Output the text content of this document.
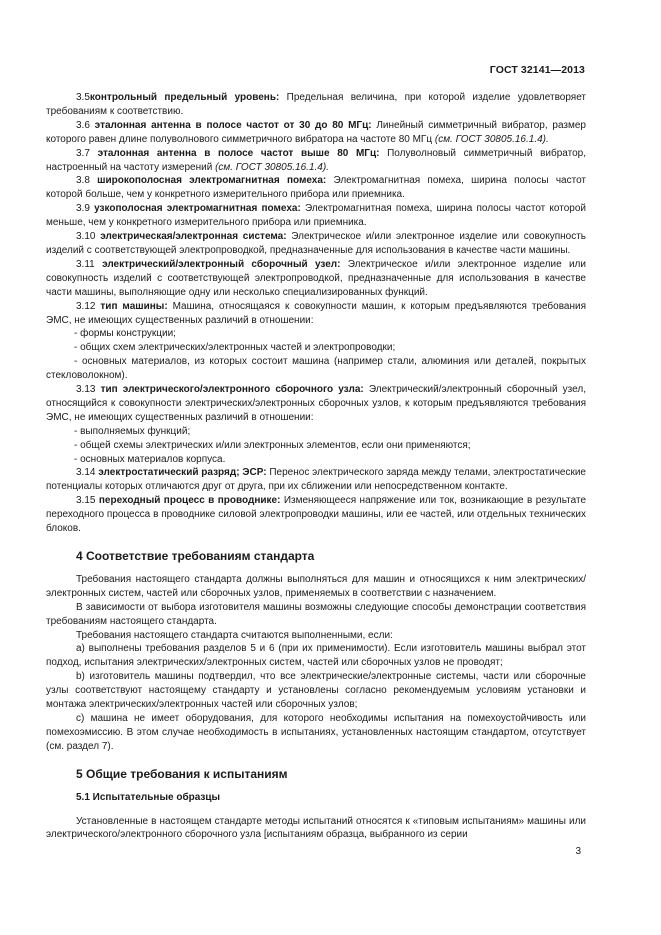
ГОСТ 32141—2013

3.5контрольный предельный уровень: Предельная величина, при которой изделие удовлетворяет требованиям к соответствию.

3.6 эталонная антенна в полосе частот от 30 до 80 МГц: Линейный симметричный вибратор, размер которого равен длине полуволнового симметричного вибратора на частоте 80 МГц (см. ГОСТ 30805.16.1.4).

3.7 эталонная антенна в полосе частот выше 80 МГц: Полуволновый симметричный вибратор, настроенный на частоту измерений (см. ГОСТ 30805.16.1.4).

3.8 широкополосная электромагнитная помеха: Электромагнитная помеха, ширина полосы частот которой больше, чем у конкретного измерительного прибора или приемника.

3.9 узкополосная электромагнитная помеха: Электромагнитная помеха, ширина полосы частот которой меньше, чем у конкретного измерительного прибора или приемника.

3.10 электрическая/электронная система: Электрическое и/или электронное изделие или совокупность изделий с соответствующей электропроводкой, предназначенные для использования в качестве части машины.

3.11 электрический/электронный сборочный узел: Электрическое и/или электронное изделие или совокупность изделий с соответствующей электропроводкой, предназначенные для использования в качестве части машины, выполняющие одну или несколько специализированных функций.

3.12 тип машины: Машина, относящаяся к совокупности машин, к которым предъявляются требования ЭМС, не имеющих существенных различий в отношении:

- формы конструкции;

- общих схем электрических/электронных частей и электропроводки;

- основных материалов, из которых состоит машина (например стали, алюминия или деталей, покрытых стекловолокном).

3.13 тип электрического/электронного сборочного узла: Электрический/электронный сборочный узел, относящийся к совокупности электрических/электронных сборочных узлов, к которым предъявляются требования ЭМС, не имеющих существенных различий в отношении:

- выполняемых функций;

- общей схемы электрических и/или электронных элементов, если они применяются;

- основных материалов корпуса.

3.14 электростатический разряд; ЭСР: Перенос электрического заряда между телами, электростатические потенциалы которых отличаются друг от друга, при их сближении или непосредственном контакте.

3.15 переходный процесс в проводнике: Изменяющееся напряжение или ток, возникающие в результате переходного процесса в проводнике силовой электропроводки машины, или ее частей, или отдельных технических блоков.

4 Соответствие требованиям стандарта

Требования настоящего стандарта должны выполняться для машин и относящихся к ним электрических/электронных систем, частей или сборочных узлов, применяемых в соответствии с назначением.

В зависимости от выбора изготовителя машины возможны следующие способы демонстрации соответствия требованиям настоящего стандарта.

Требования настоящего стандарта считаются выполненными, если:

a) выполнены требования разделов 5 и 6 (при их применимости). Если изготовитель машины выбрал этот подход, испытания электрических/электронных систем, частей или сборочных узлов не проводят;

b) изготовитель машины подтвердил, что все электрические/электронные системы, части или сборочные узлы соответствуют настоящему стандарту и установлены согласно рекомендуемым условиям установки и монтажа электрических/электронных частей или сборочных узлов;

c) машина не имеет оборудования, для которого необходимы испытания на помехоустойчивость или помехоэмиссию. В этом случае необходимость в испытаниях, установленных настоящим стандартом, отсутствует (см. раздел 7).

5 Общие требования к испытаниям
5.1 Испытательные образцы

Установленные в настоящем стандарте методы испытаний относятся к «типовым испытаниям» машины или электрического/электронного сборочного узла [испытаниям образца, выбранного из серии

3
